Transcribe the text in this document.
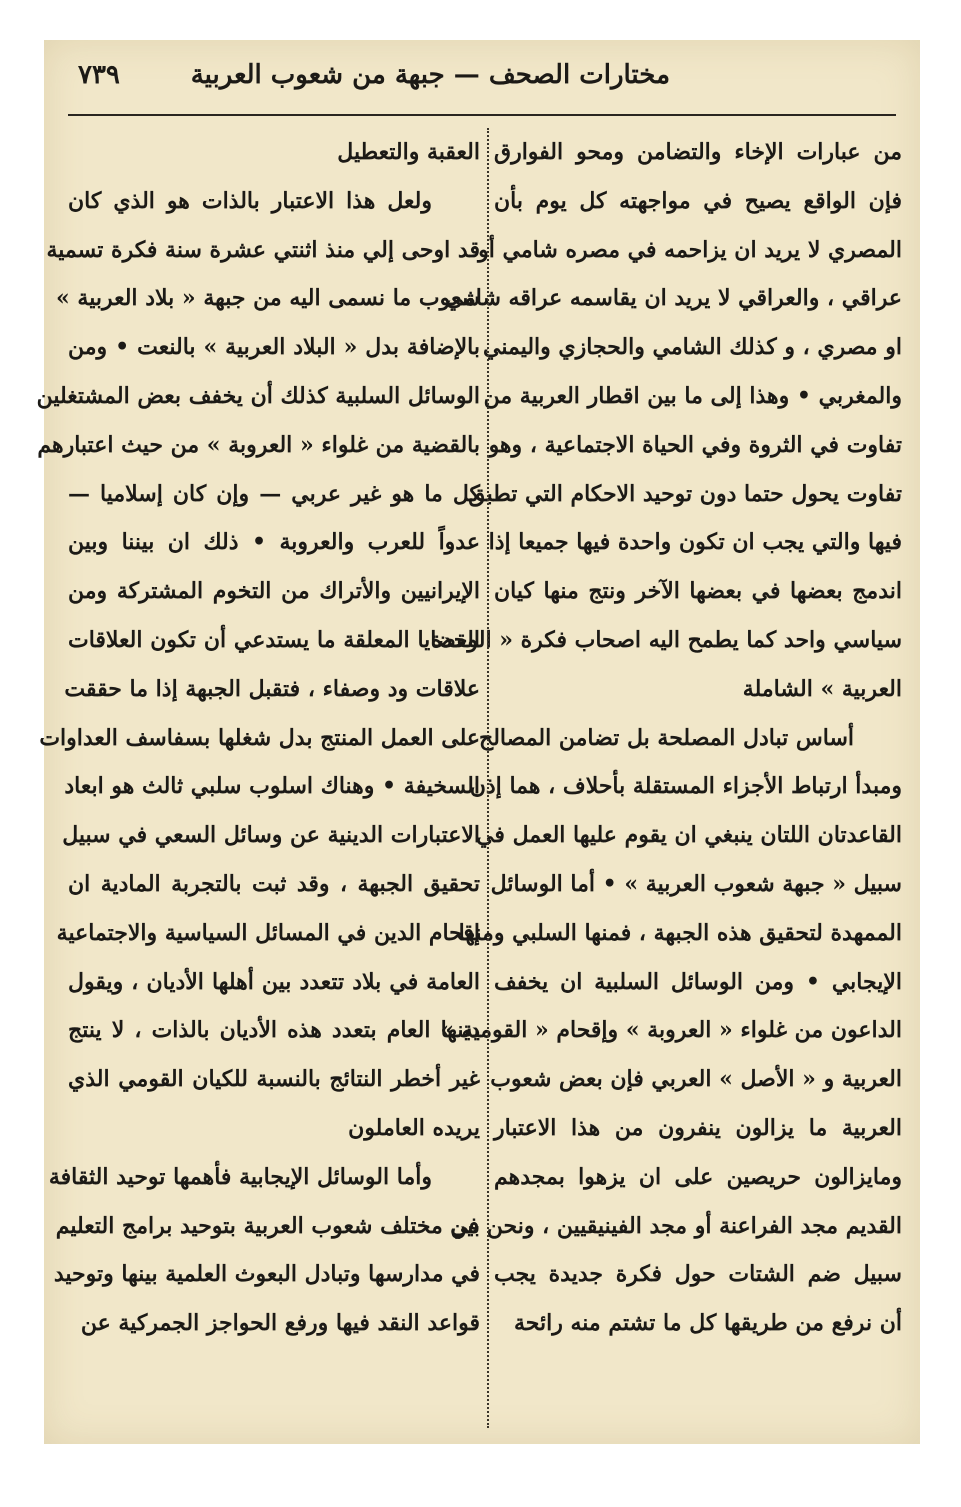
٧٣٩	مختارات الصحف — جبهة من شعوب العربية
من عبارات الإخاء والتضامن ومحو الفوارق
فإن الواقع يصيح في مواجهته كل يوم بأن
المصري لا يريد ان يزاحمه في مصره شامي أو
عراقي ، والعراقي لا يريد ان يقاسمه عراقه شامي
او مصري ، و كذلك الشامي والحجازي واليمني
والمغربي • وهذا إلى ما بين اقطار العربية من
تفاوت في الثروة وفي الحياة الاجتماعية ، وهو
تفاوت يحول حتما دون توحيد الاحكام التي تطبق
فيها والتي يجب ان تكون واحدة فيها جميعا إذا
اندمج بعضها في بعضها الآخر ونتج منها كيان
سياسي واحد كما يطمح اليه اصحاب فكرة « الوحدة
العربية » الشاملة
أساس تبادل المصلحة بل تضامن المصالح
ومبدأ ارتباط الأجزاء المستقلة بأحلاف ، هما إذن
القاعدتان اللتان ينبغي ان يقوم عليها العمل في
سبيل « جبهة شعوب العربية » • أما الوسائل
الممهدة لتحقيق هذه الجبهة ، فمنها السلبي ومنها
الإيجابي • ومن الوسائل السلبية ان يخفف
الداعون من غلواء « العروبة » وإقحام « القومية »
العربية و « الأصل » العربي فإن بعض شعوب
العربية ما يزالون ينفرون من هذا الاعتبار
ومايزالون حريصين على ان يزهوا بمجدهم
القديم مجد الفراعنة أو مجد الفينيقيين ، ونحن في
سبيل ضم الشتات حول فكرة جديدة يجب
أن نرفع من طريقها كل ما تشتم منه رائحة
العقبة والتعطيل
ولعل هذا الاعتبار بالذات هو الذي كان
قد اوحى إلي منذ اثنتي عشرة سنة فكرة تسمية
شعوب ما نسمى اليه من جبهة « بلاد العربية »
بالإضافة بدل « البلاد العربية » بالنعت • ومن
الوسائل السلبية كذلك أن يخفف بعض المشتغلين
بالقضية من غلواء « العروبة » من حيث اعتبارهم
كل ما هو غير عربي — وإن كان إسلاميا —
عدواً للعرب والعروبة • ذلك ان بيننا وبين
الإيرانيين والأتراك من التخوم المشتركة ومن
القضايا المعلقة ما يستدعي أن تكون العلاقات
علاقات ود وصفاء ، فتقبل الجبهة إذا ما حققت
على العمل المنتج بدل شغلها بسفاسف العداوات
السخيفة • وهناك اسلوب سلبي ثالث هو ابعاد
الاعتبارات الدينية عن وسائل السعي في سبيل
تحقيق الجبهة ، وقد ثبت بالتجربة المادية ان
إقحام الدين في المسائل السياسية والاجتماعية
العامة في بلاد تتعدد بين أهلها الأديان ، ويقول
دينها العام بتعدد هذه الأديان بالذات ، لا ينتج
غير أخطر النتائج بالنسبة للكيان القومي الذي
يريده العاملون
وأما الوسائل الإيجابية فأهمها توحيد الثقافة
بين مختلف شعوب العربية بتوحيد برامج التعليم
في مدارسها وتبادل البعوث العلمية بينها وتوحيد
قواعد النقد فيها ورفع الحواجز الجمركية عن
